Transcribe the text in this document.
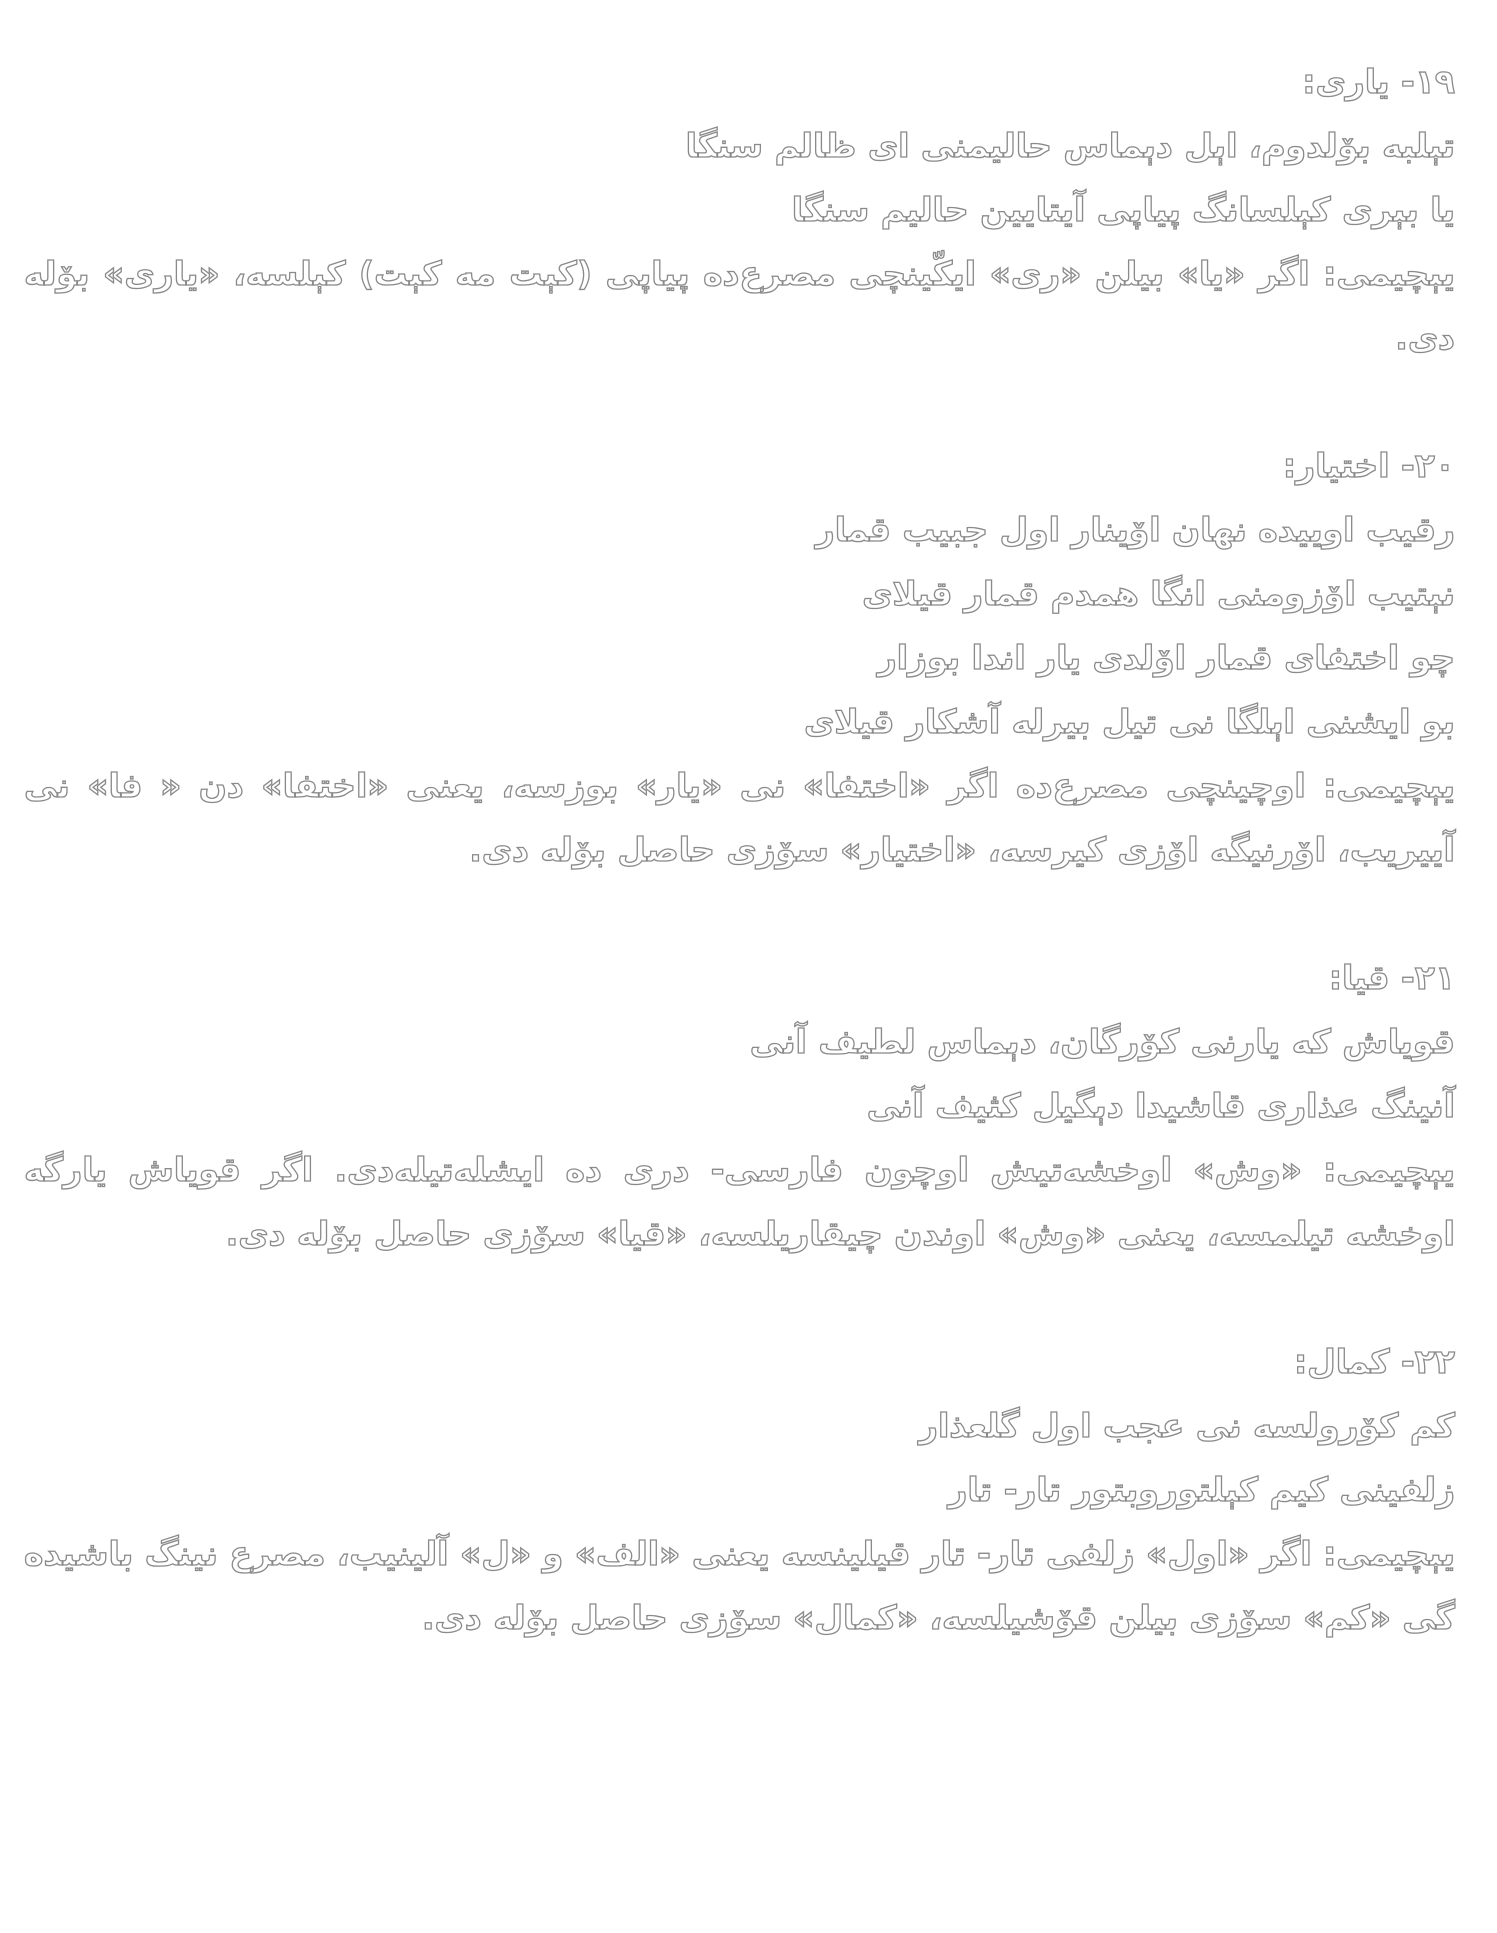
۱۹- یاری:
تېلبه بۆلدوم، اېل دېماس حالیمنی ای ظالم سنگا
یا بېری کېلسانگ پیاپی آیتایین حالیم سنگا
یېچیمی: اگر «یا» بیلن «ری» ایکّینچی مصرع‌ده پیاپی (کېت مه کېت) کېلسه، «یاری» بۆله
دی.
۲۰- اختیار:
رقیب اوییده نهان اۆینار اول جبیب قمار
نېتیب اۆزومنی انگا همدم قمار قیلای
چو اختفای قمار اۆلدی یار اندا بوزار
بو ایشنی اېلگا نی تیل بیرله آشکار قیلای
یېچیمی: اوچینچی مصرع‌ده اگر «اختفا» نی «یار» بوزسه، یعنی «اختفا» دن « فا» نی
آییریب، اۆرنیگه اۆزی کیرسه، «اختیار» سۆزی حاصل بۆله دی.
۲۱- قیا:
قویاش که یارنی کۆرگان، دېماس لطیف آنی
آنینگ عذاری قاشیدا دېگیل کثیف آنی
یېچیمی: «وش» اوخشه‌تیش اوچون فارسی- دری ده ایشله‌تیله‌دی. اگر قویاش یارگه
اوخشه تیلمسه، یعنی «وش» اوندن چیقاریلسه، «قیا» سۆزی حاصل بۆله دی.
۲۲- کمال:
کم کۆرولسه نی عجب اول گلعذار
زلفینی کیم کېلتوروبتور تار- تار
یېچیمی: اگر «اول» زلفی تار- تار قیلینسه یعنی «الف» و «ل» آلینیب، مصرع نینگ باشیده
گی «کم» سۆزی بیلن قۆشیلسه، «کمال» سۆزی حاصل بۆله دی.
